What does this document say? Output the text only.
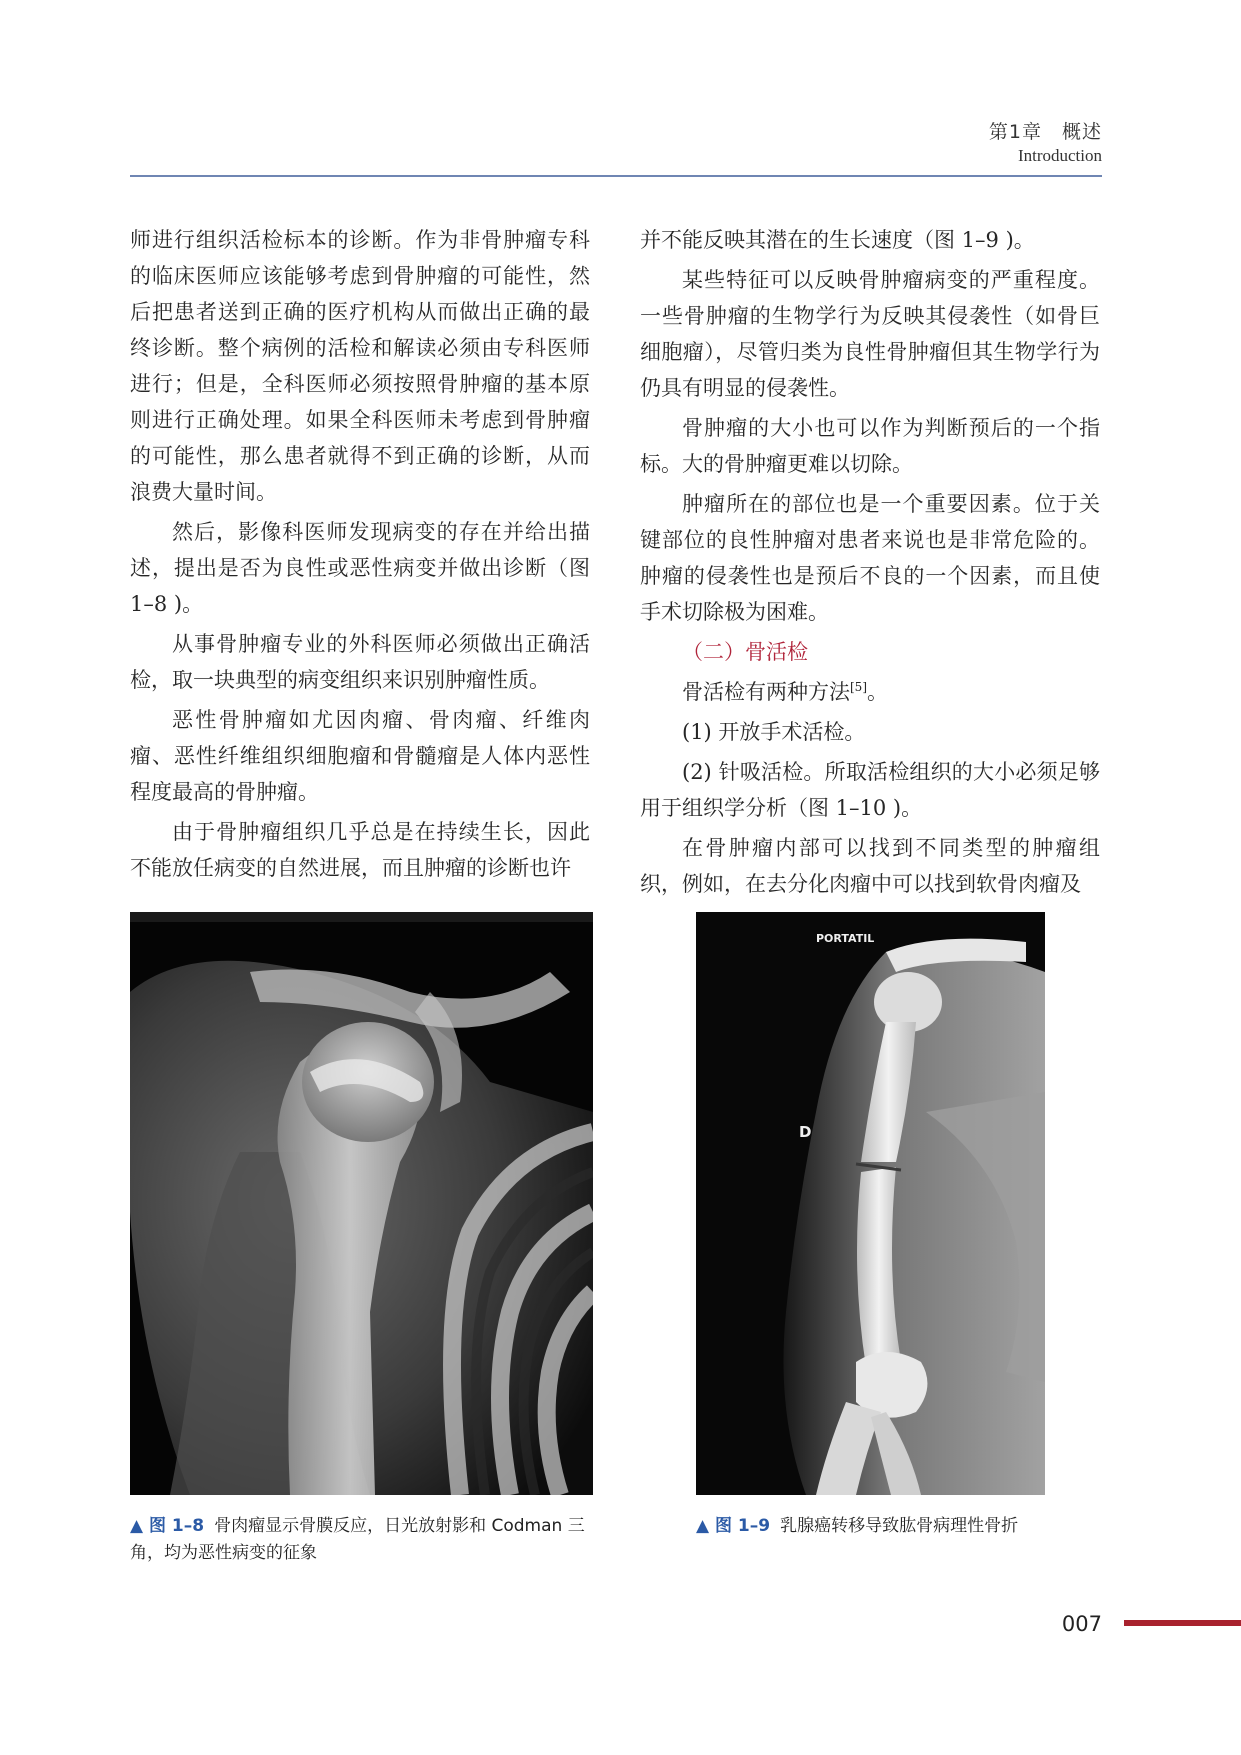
第1章　概述
Introduction

师进行组织活检标本的诊断。作为非骨肿瘤专科的临床医师应该能够考虑到骨肿瘤的可能性，然后把患者送到正确的医疗机构从而做出正确的最终诊断。整个病例的活检和解读必须由专科医师进行；但是，全科医师必须按照骨肿瘤的基本原则进行正确处理。如果全科医师未考虑到骨肿瘤的可能性，那么患者就得不到正确的诊断，从而浪费大量时间。

然后，影像科医师发现病变的存在并给出描述，提出是否为良性或恶性病变并做出诊断（图 1–8 )。

从事骨肿瘤专业的外科医师必须做出正确活检，取一块典型的病变组织来识别肿瘤性质。

恶性骨肿瘤如尤因肉瘤、骨肉瘤、纤维肉瘤、恶性纤维组织细胞瘤和骨髓瘤是人体内恶性程度最高的骨肿瘤。

由于骨肿瘤组织几乎总是在持续生长，因此不能放任病变的自然进展，而且肿瘤的诊断也许

并不能反映其潜在的生长速度（图 1–9 )。

某些特征可以反映骨肿瘤病变的严重程度。一些骨肿瘤的生物学行为反映其侵袭性（如骨巨细胞瘤），尽管归类为良性骨肿瘤但其生物学行为仍具有明显的侵袭性。

骨肿瘤的大小也可以作为判断预后的一个指标。大的骨肿瘤更难以切除。

肿瘤所在的部位也是一个重要因素。位于关键部位的良性肿瘤对患者来说也是非常危险的。肿瘤的侵袭性也是预后不良的一个因素，而且使手术切除极为困难。

（二）骨活检

骨活检有两种方法[5]。

(1) 开放手术活检。

(2) 针吸活检。所取活检组织的大小必须足够用于组织学分析（图 1–10 )。

在骨肿瘤内部可以找到不同类型的肿瘤组织，例如，在去分化肉瘤中可以找到软骨肉瘤及

PORTATIL
D
▲ 图 1–8 骨肉瘤显示骨膜反应，日光放射影和 Codman 三角，均为恶性病变的征象
▲ 图 1–9 乳腺癌转移导致肱骨病理性骨折
007
